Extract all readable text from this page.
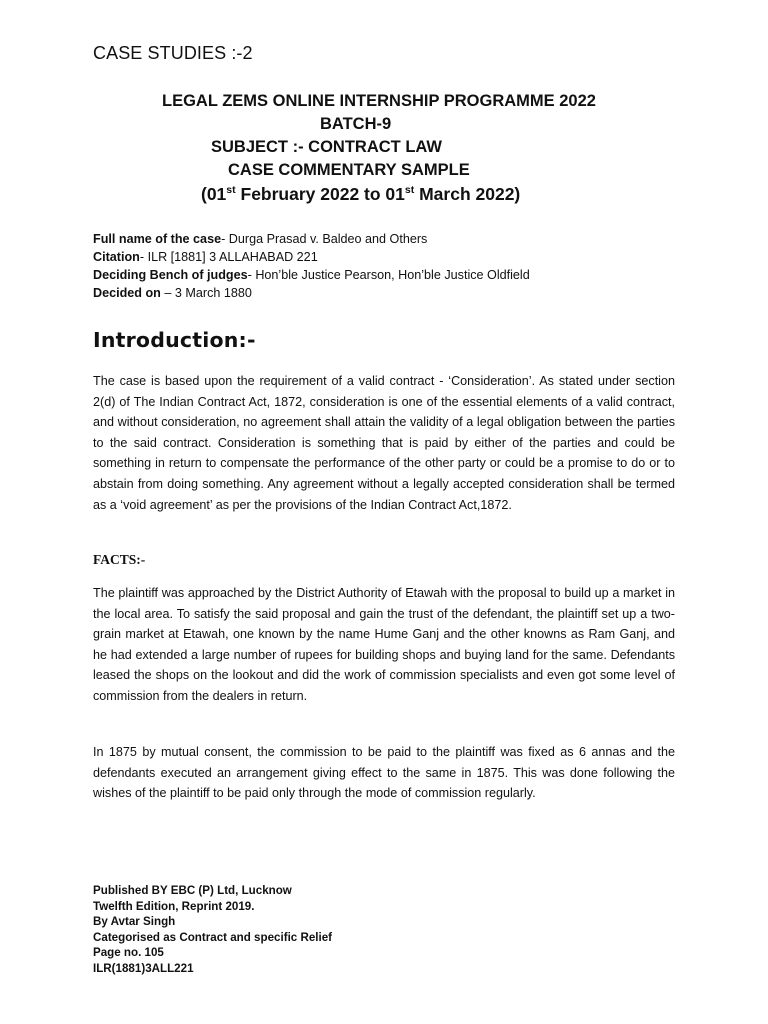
CASE STUDIES :-2
LEGAL ZEMS ONLINE INTERNSHIP PROGRAMME 2022
BATCH-9
SUBJECT :- CONTRACT LAW
CASE COMMENTARY SAMPLE
(01st February 2022 to 01st March 2022)
Full name of the case- Durga Prasad v. Baldeo and Others
Citation- ILR [1881] 3 ALLAHABAD 221
Deciding Bench of judges- Hon’ble Justice Pearson, Hon’ble Justice Oldfield
Decided on – 3 March 1880
Introduction:-
The case is based upon the requirement of a valid contract - ‘Consideration’. As stated under section 2(d) of The Indian Contract Act, 1872, consideration is one of the essential elements of a valid contract, and without consideration, no agreement shall attain the validity of a legal obligation between the parties to the said contract. Consideration is something that is paid by either of the parties and could be something in return to compensate the performance of the other party or could be a promise to do or to abstain from doing something. Any agreement without a legally accepted consideration shall be termed as a ‘void agreement’ as per the provisions of the Indian Contract Act,1872.
FACTS:-
The plaintiff was approached by the District Authority of Etawah with the proposal to build up a market in the local area. To satisfy the said proposal and gain the trust of the defendant, the plaintiff set up a two-grain market at Etawah, one known by the name Hume Ganj and the other knowns as Ram Ganj, and he had extended a large number of rupees for building shops and buying land for the same. Defendants leased the shops on the lookout and did the work of commission specialists and even got some level of commission from the dealers in return.
In 1875 by mutual consent, the commission to be paid to the plaintiff was fixed as 6 annas and the defendants executed an arrangement giving effect to the same in 1875. This was done following the wishes of the plaintiff to be paid only through the mode of commission regularly.
Published BY EBC (P) Ltd, Lucknow
Twelfth Edition, Reprint 2019.
By Avtar Singh
Categorised as Contract and specific Relief
Page no. 105
ILR(1881)3ALL221
